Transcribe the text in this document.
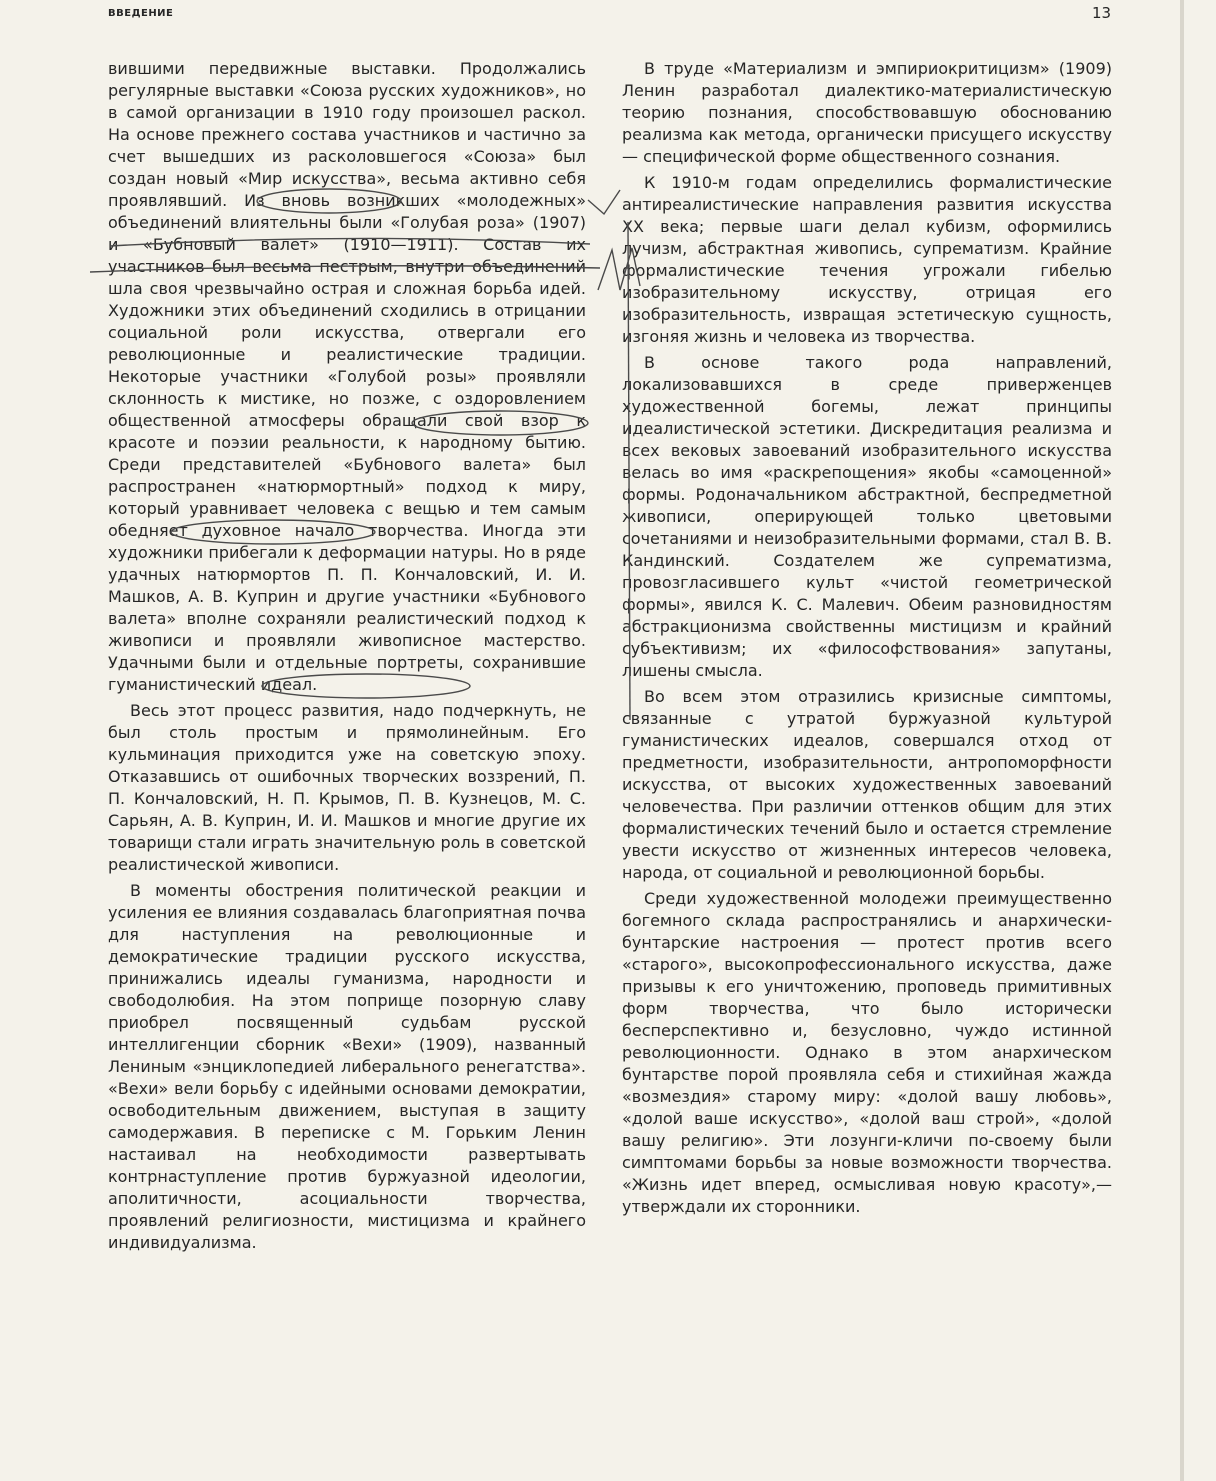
ВВЕДЕНИЕ	13

вившими передвижные выставки. Продолжались регулярные выставки «Союза русских художников», но в самой организации в 1910 году произошел раскол. На основе прежнего состава участников и частично за счет вышедших из расколовшегося «Союза» был создан новый «Мир искусства», весьма активно себя проявлявший. Из вновь возникших «молодежных» объединений влиятельны были «Голубая роза» (1907) и «Бубновый валет» (1910—1911). Состав их участников был весьма пестрым, внутри объединений шла своя чрезвычайно острая и сложная борьба идей. Художники этих объединений сходились в отрицании социальной роли искусства, отвергали его революционные и реалистические традиции. Некоторые участники «Голубой розы» проявляли склонность к мистике, но позже, с оздоровлением общественной атмосферы обращали свой взор к красоте и поэзии реальности, к народному бытию. Среди представителей «Бубнового валета» был распространен «натюрмортный» подход к миру, который уравнивает человека с вещью и тем самым обедняет духовное начало творчества. Иногда эти художники прибегали к деформации натуры. Но в ряде удачных натюрмортов П. П. Кончаловский, И. И. Машков, А. В. Куприн и другие участники «Бубнового валета» вполне сохраняли реалистический подход к живописи и проявляли живописное мастерство. Удачными были и отдельные портреты, сохранившие гуманистический идеал.

Весь этот процесс развития, надо подчеркнуть, не был столь простым и прямолинейным. Его кульминация приходится уже на советскую эпоху. Отказавшись от ошибочных творческих воззрений, П. П. Кончаловский, Н. П. Крымов, П. В. Кузнецов, М. С. Сарьян, А. В. Куприн, И. И. Машков и многие другие их товарищи стали играть значительную роль в советской реалистической живописи.

В моменты обострения политической реакции и усиления ее влияния создавалась благоприятная почва для наступления на революционные и демократические традиции русского искусства, принижались идеалы гуманизма, народности и свободолюбия. На этом поприще позорную славу приобрел посвященный судьбам русской интеллигенции сборник «Вехи» (1909), названный Лениным «энциклопедией либерального ренегатства». «Вехи» вели борьбу с идейными основами демократии, освободительным движением, выступая в защиту самодержавия. В переписке с М. Горьким Ленин настаивал на необходимости развертывать контрнаступление против буржуазной идеологии, аполитичности, асоциальности творчества, проявлений религиозности, мистицизма и крайнего индивидуализма.

В труде «Материализм и эмпириокритицизм» (1909) Ленин разработал диалектико-материалистическую теорию познания, способствовавшую обоснованию реализма как метода, органически присущего искусству — специфической форме общественного сознания.

К 1910-м годам определились формалистические антиреалистические направления развития искусства XX века; первые шаги делал кубизм, оформились лучизм, абстрактная живопись, супрематизм. Крайние формалистические течения угрожали гибелью изобразительному искусству, отрицая его изобразительность, извращая эстетическую сущность, изгоняя жизнь и человека из творчества.

В основе такого рода направлений, локализовавшихся в среде приверженцев художественной богемы, лежат принципы идеалистической эстетики. Дискредитация реализма и всех вековых завоеваний изобразительного искусства велась во имя «раскрепощения» якобы «самоценной» формы. Родоначальником абстрактной, беспредметной живописи, оперирующей только цветовыми сочетаниями и неизобразительными формами, стал В. В. Кандинский. Создателем же супрематизма, провозгласившего культ «чистой геометрической формы», явился К. С. Малевич. Обеим разновидностям абстракционизма свойственны мистицизм и крайний субъективизм; их «философствования» запутаны, лишены смысла.

Во всем этом отразились кризисные симптомы, связанные с утратой буржуазной культурой гуманистических идеалов, совершался отход от предметности, изобразительности, антропоморфности искусства, от высоких художественных завоеваний человечества. При различии оттенков общим для этих формалистических течений было и остается стремление увести искусство от жизненных интересов человека, народа, от социальной и революционной борьбы.

Среди художественной молодежи преимущественно богемного склада распространялись и анархически-бунтарские настроения — протест против всего «старого», высокопрофессионального искусства, даже призывы к его уничтожению, проповедь примитивных форм творчества, что было исторически бесперспективно и, безусловно, чуждо истинной революционности. Однако в этом анархическом бунтарстве порой проявляла себя и стихийная жажда «возмездия» старому миру: «долой вашу любовь», «долой ваше искусство», «долой ваш строй», «долой вашу религию». Эти лозунги-кличи по-своему были симптомами борьбы за новые возможности творчества. «Жизнь идет вперед, осмысливая новую красоту»,— утверждали их сторонники.
